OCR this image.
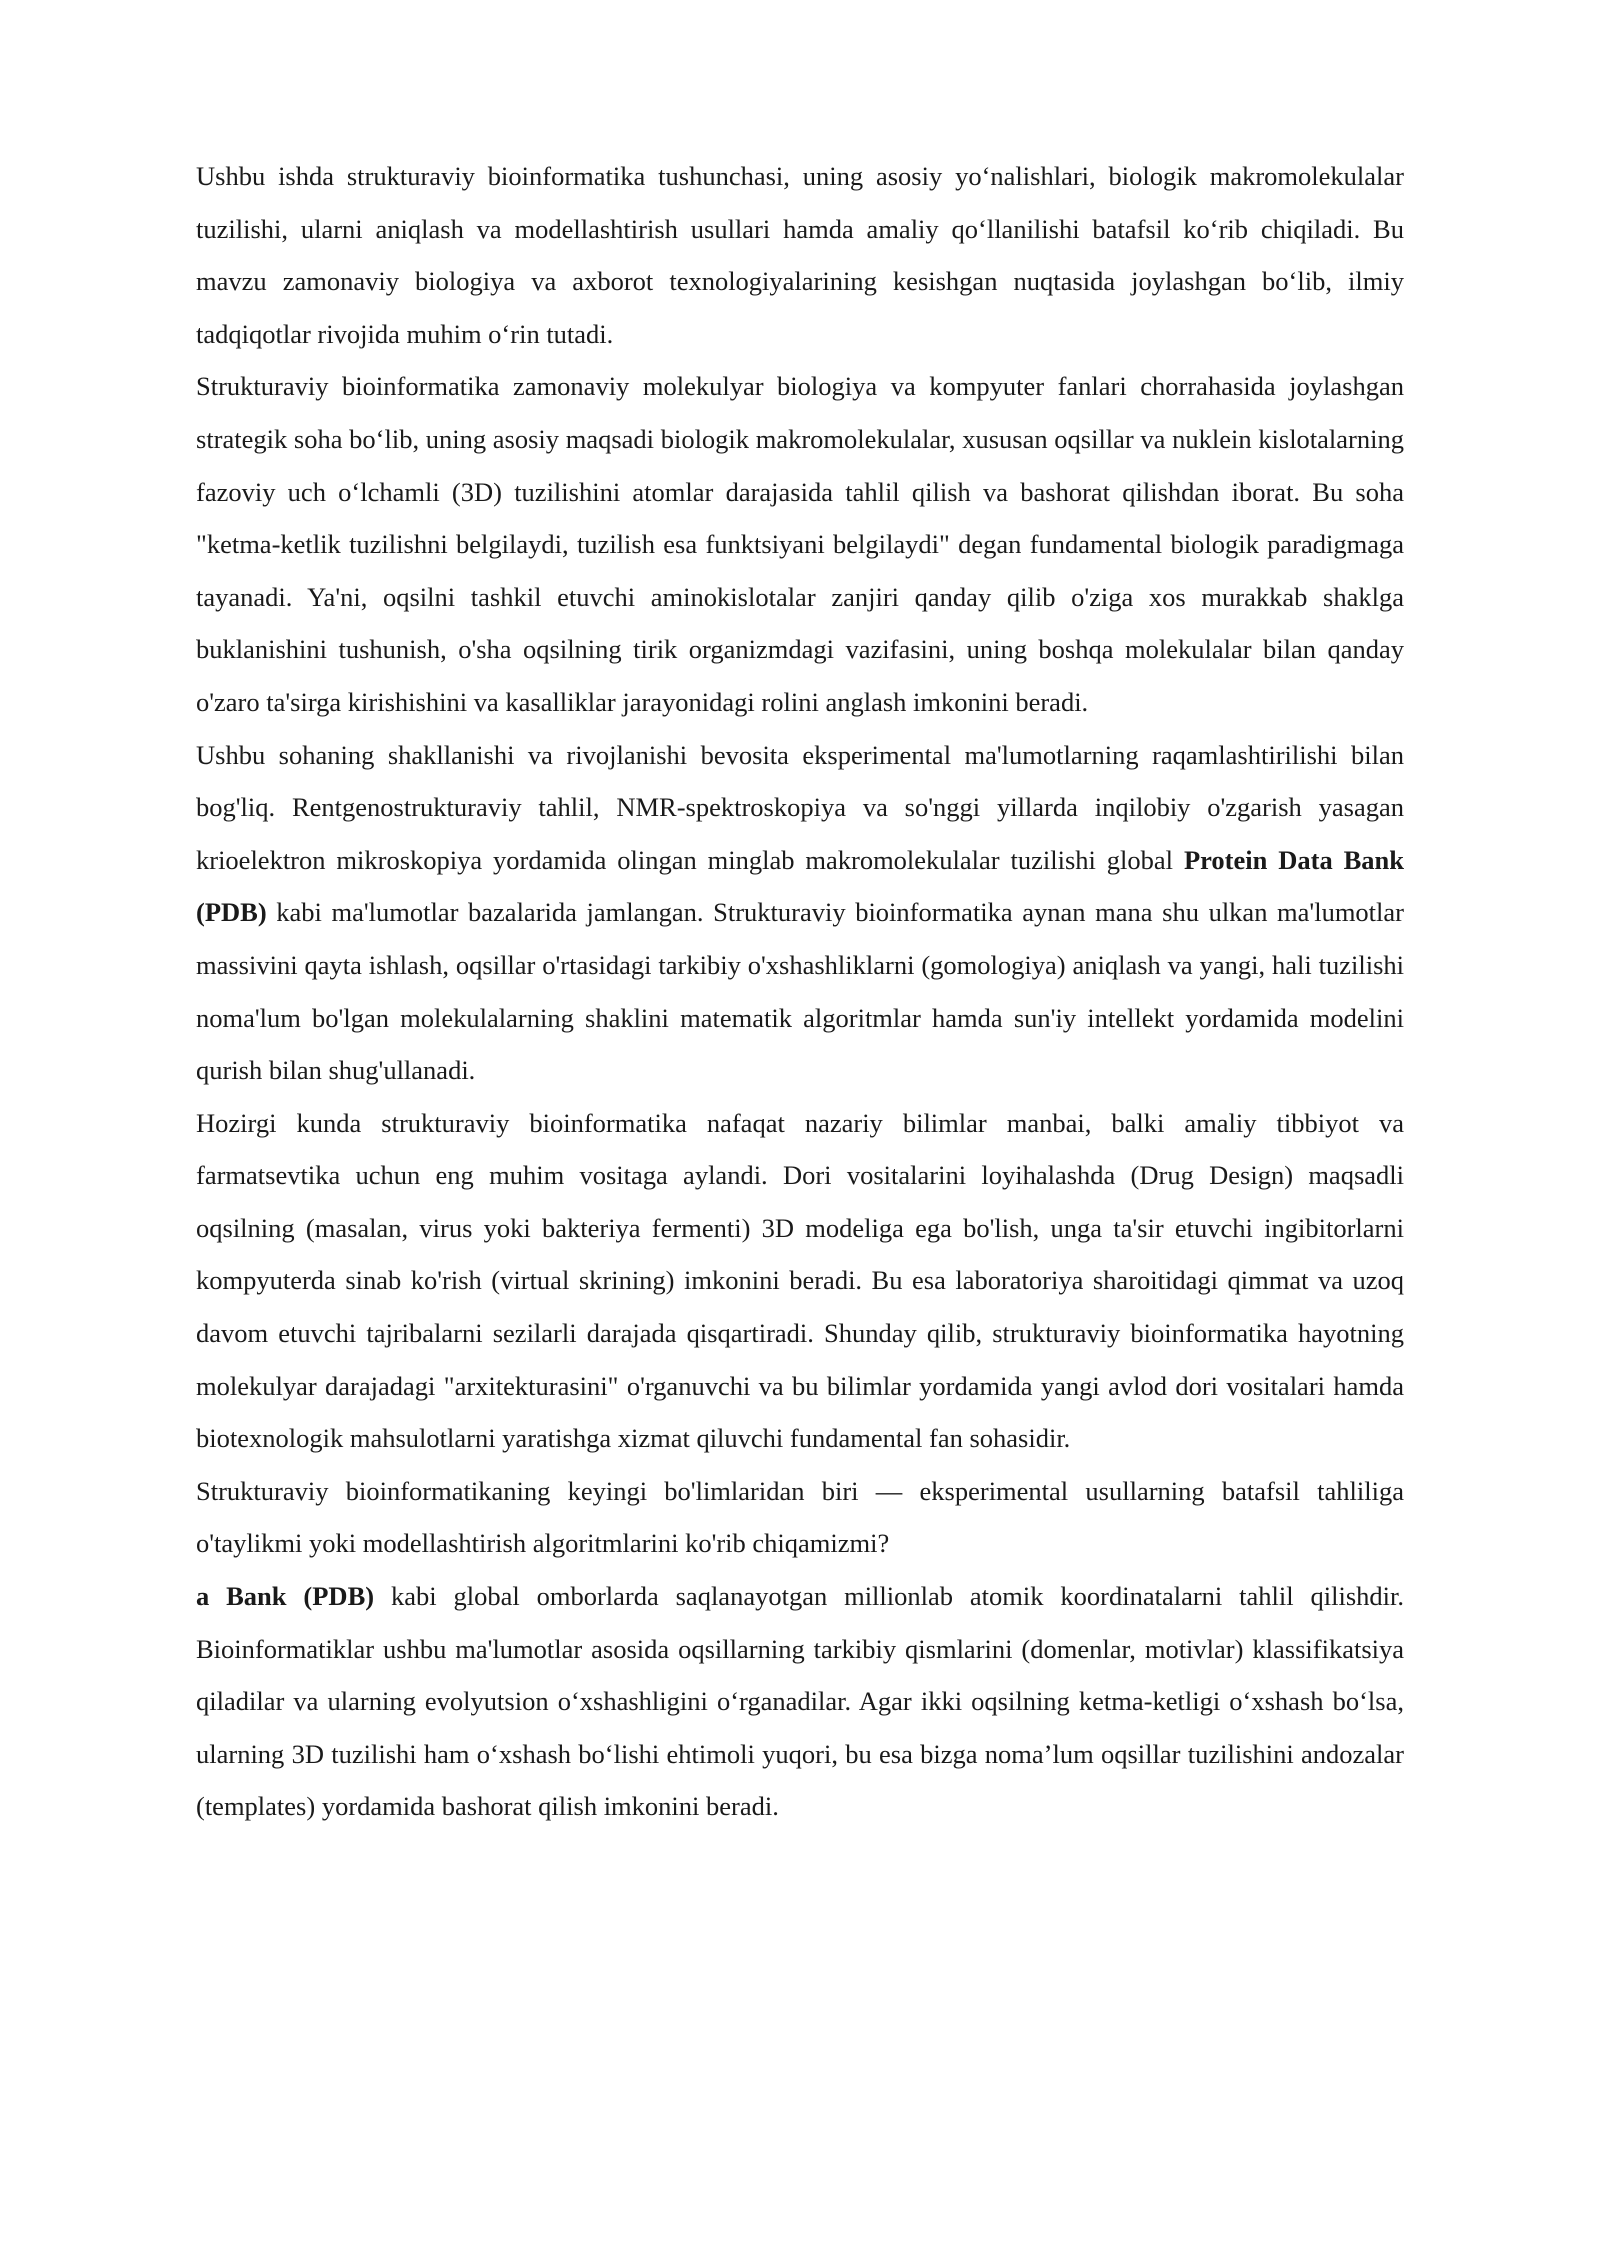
Ushbu ishda strukturaviy bioinformatika tushunchasi, uning asosiy yo‘nalishlari, biologik makromolekulalar tuzilishi, ularni aniqlash va modellashtirish usullari hamda amaliy qo‘llanilishi batafsil ko‘rib chiqiladi. Bu mavzu zamonaviy biologiya va axborot texnologiyalarining kesishgan nuqtasida joylashgan bo‘lib, ilmiy tadqiqotlar rivojida muhim o‘rin tutadi.

Strukturaviy bioinformatika zamonaviy molekulyar biologiya va kompyuter fanlari chorrahasida joylashgan strategik soha bo‘lib, uning asosiy maqsadi biologik makromolekulalar, xususan oqsillar va nuklein kislotalarning fazoviy uch o‘lchamli (3D) tuzilishini atomlar darajasida tahlil qilish va bashorat qilishdan iborat. Bu soha "ketma-ketlik tuzilishni belgilaydi, tuzilish esa funktsiyani belgilaydi" degan fundamental biologik paradigmaga tayanadi. Ya'ni, oqsilni tashkil etuvchi aminokislotalar zanjiri qanday qilib o'ziga xos murakkab shaklga buklanishini tushunish, o'sha oqsilning tirik organizmdagi vazifasini, uning boshqa molekulalar bilan qanday o'zaro ta'sirga kirishishini va kasalliklar jarayonidagi rolini anglash imkonini beradi.

Ushbu sohaning shakllanishi va rivojlanishi bevosita eksperimental ma'lumotlarning raqamlashtirilishi bilan bog'liq. Rentgenostrukturaviy tahlil, NMR-spektroskopiya va so'nggi yillarda inqilobiy o'zgarish yasagan krioelektron mikroskopiya yordamida olingan minglab makromolekulalar tuzilishi global Protein Data Bank (PDB) kabi ma'lumotlar bazalarida jamlangan. Strukturaviy bioinformatika aynan mana shu ulkan ma'lumotlar massivini qayta ishlash, oqsillar o'rtasidagi tarkibiy o'xshashliklarni (gomologiya) aniqlash va yangi, hali tuzilishi noma'lum bo'lgan molekulalarning shaklini matematik algoritmlar hamda sun'iy intellekt yordamida modelini qurish bilan shug'ullanadi.

Hozirgi kunda strukturaviy bioinformatika nafaqat nazariy bilimlar manbai, balki amaliy tibbiyot va farmatsevtika uchun eng muhim vositaga aylandi. Dori vositalarini loyihalashda (Drug Design) maqsadli oqsilning (masalan, virus yoki bakteriya fermenti) 3D modeliga ega bo'lish, unga ta'sir etuvchi ingibitorlarni kompyuterda sinab ko'rish (virtual skrining) imkonini beradi. Bu esa laboratoriya sharoitidagi qimmat va uzoq davom etuvchi tajribalarni sezilarli darajada qisqartiradi. Shunday qilib, strukturaviy bioinformatika hayotning molekulyar darajadagi "arxitekturasini" o'rganuvchi va bu bilimlar yordamida yangi avlod dori vositalari hamda biotexnologik mahsulotlarni yaratishga xizmat qiluvchi fundamental fan sohasidir.

Strukturaviy bioinformatikaning keyingi bo'limlaridan biri — eksperimental usullarning batafsil tahliliga o'taylikmi yoki modellashtirish algoritmlarini ko'rib chiqamizmi?

a Bank (PDB) kabi global omborlarda saqlanayotgan millionlab atomik koordinatalarni tahlil qilishdir. Bioinformatiklar ushbu ma'lumotlar asosida oqsillarning tarkibiy qismlarini (domenlar, motivlar) klassifikatsiya qiladilar va ularning evolyutsion o‘xshashligini o‘rganadilar. Agar ikki oqsilning ketma-ketligi o‘xshash bo‘lsa, ularning 3D tuzilishi ham o‘xshash bo‘lishi ehtimoli yuqori, bu esa bizga noma’lum oqsillar tuzilishini andozalar (templates) yordamida bashorat qilish imkonini beradi.
